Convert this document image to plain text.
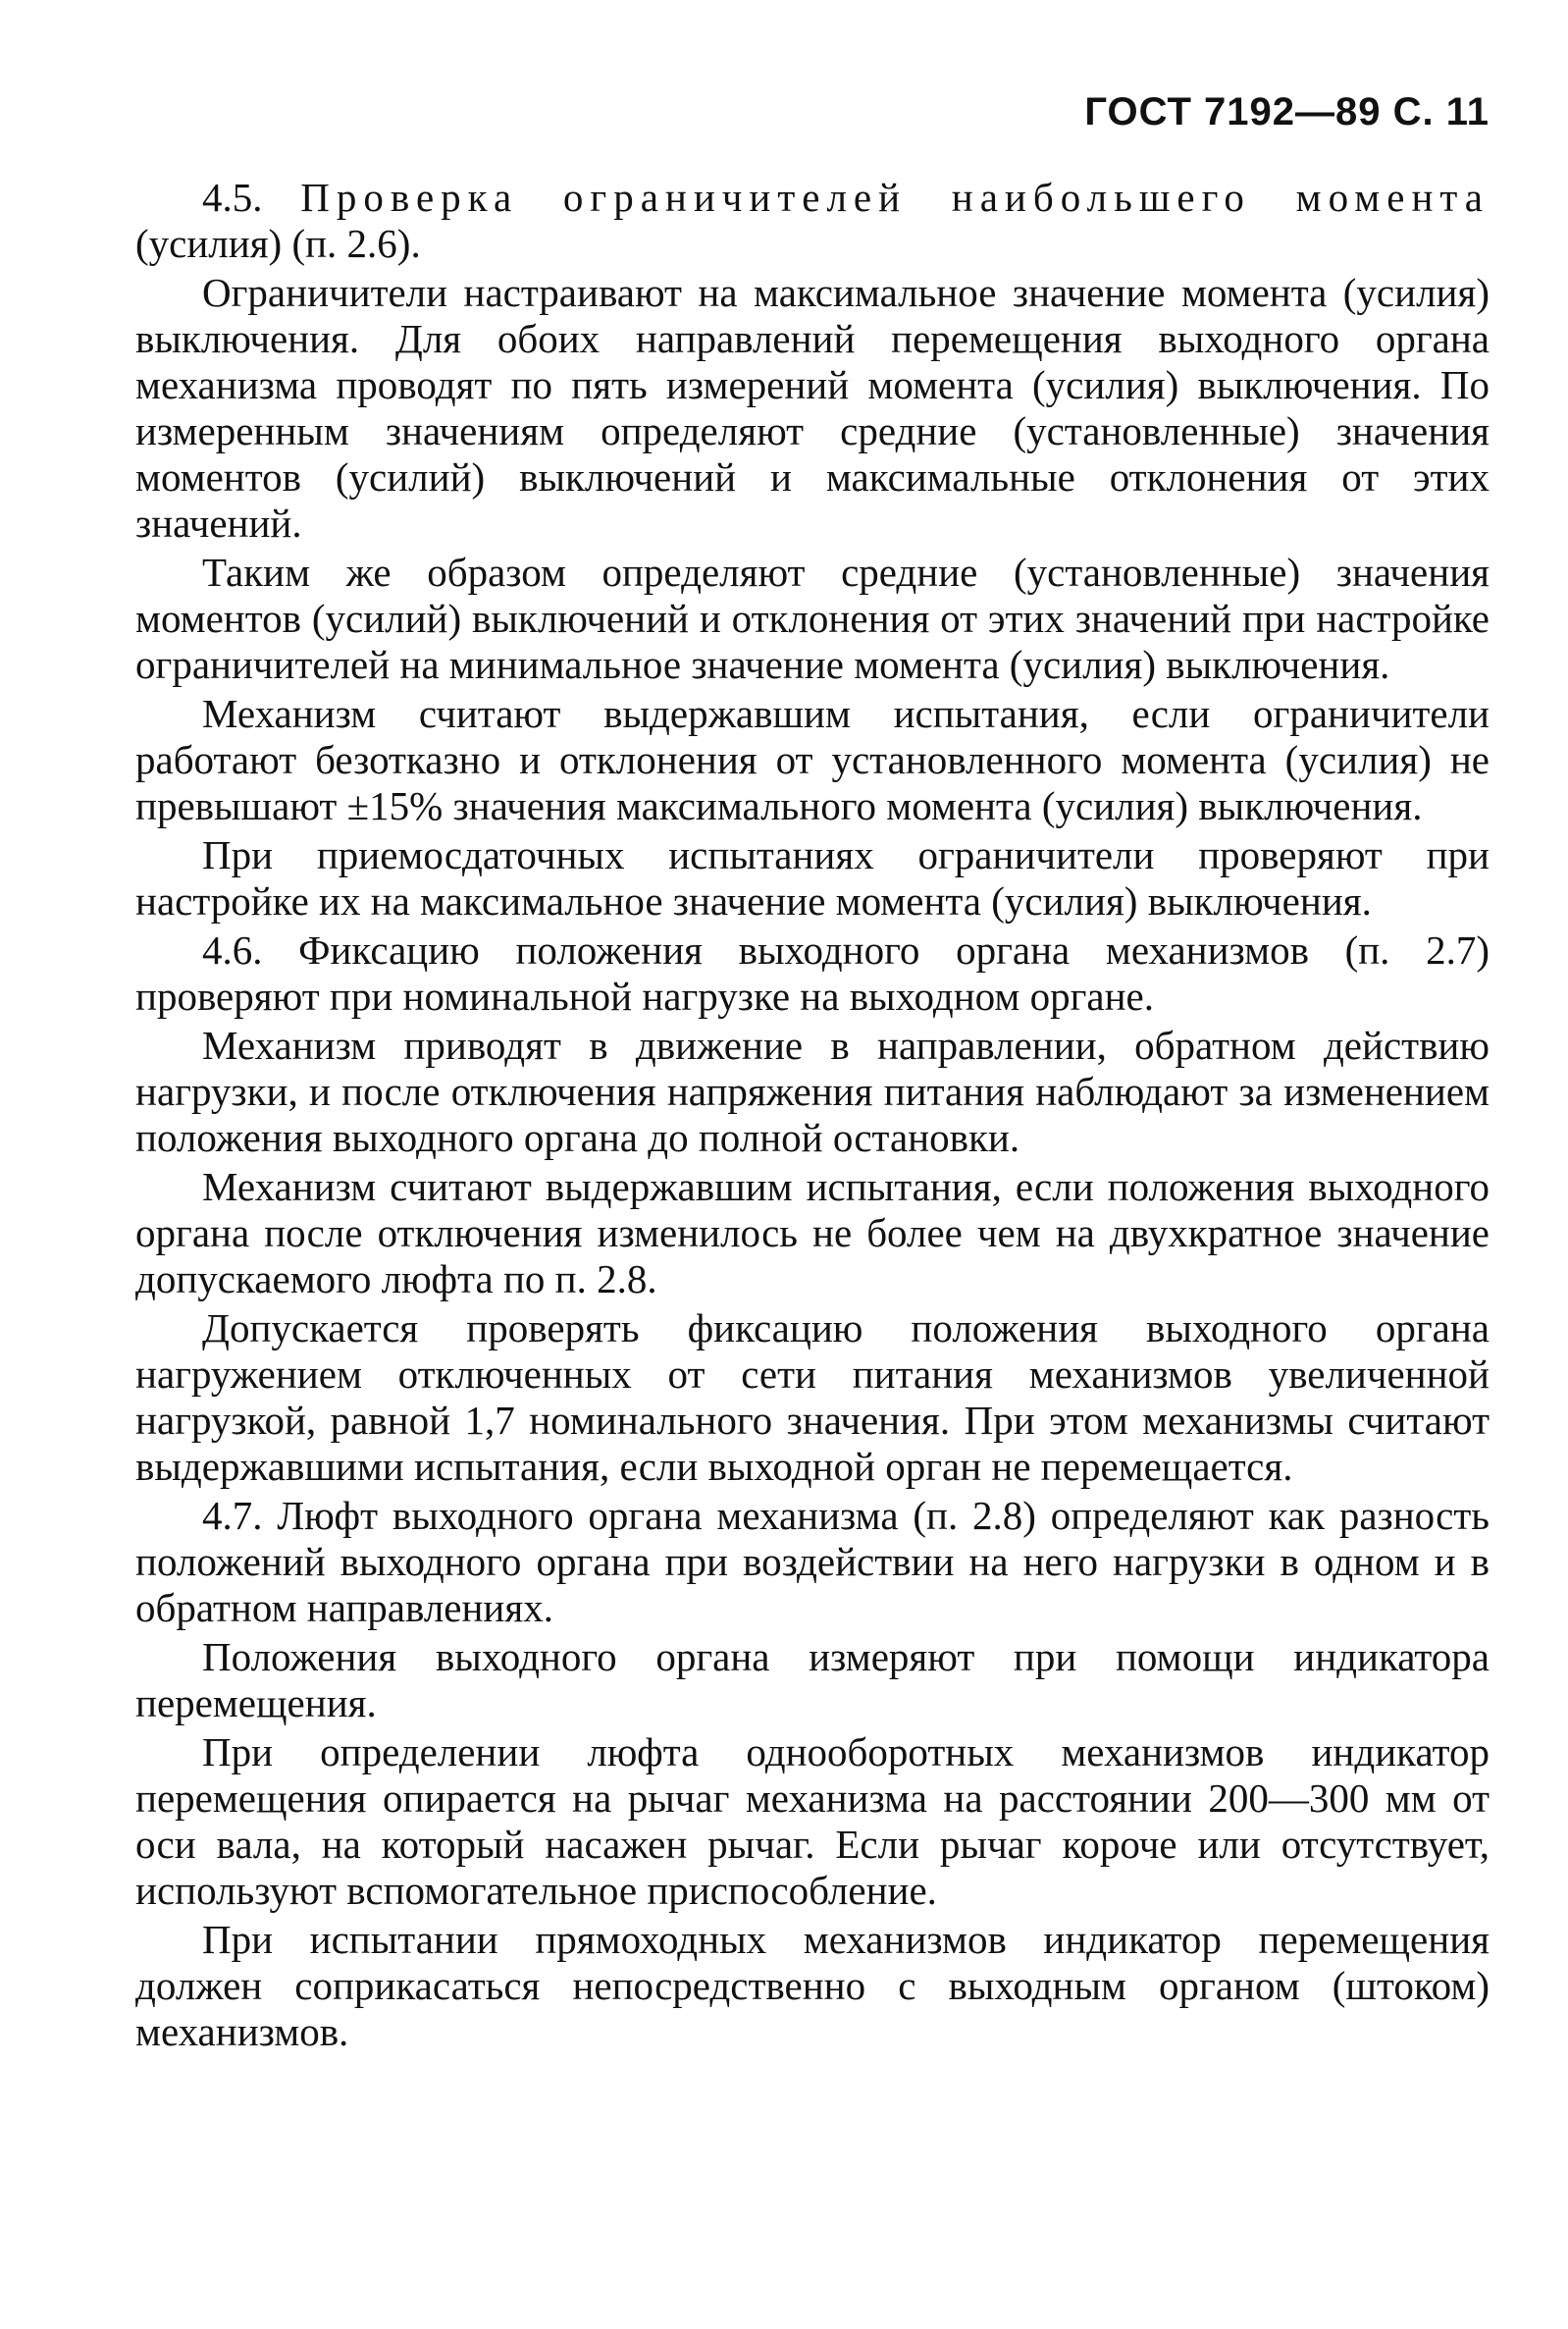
ГОСТ 7192—89 С. 11

4.5. Проверка ограничителей наибольшего момента (усилия) (п. 2.6).

Ограничители настраивают на максимальное значение момента (усилия) выключения. Для обоих направлений перемещения выходного органа механизма проводят по пять измерений момента (усилия) выключения. По измеренным значениям определяют средние (установленные) значения моментов (усилий) выключений и максимальные отклонения от этих значений.

Таким же образом определяют средние (установленные) значения моментов (усилий) выключений и отклонения от этих значений при настройке ограничителей на минимальное значение момента (усилия) выключения.

Механизм считают выдержавшим испытания, если ограничители работают безотказно и отклонения от установленного момента (усилия) не превышают ±15% значения максимального момента (усилия) выключения.

При приемосдаточных испытаниях ограничители проверяют при настройке их на максимальное значение момента (усилия) выключения.

4.6. Фиксацию положения выходного органа механизмов (п. 2.7) проверяют при номинальной нагрузке на выходном органе.

Механизм приводят в движение в направлении, обратном действию нагрузки, и после отключения напряжения питания наблюдают за изменением положения выходного органа до полной остановки.

Механизм считают выдержавшим испытания, если положения выходного органа после отключения изменилось не более чем на двухкратное значение допускаемого люфта по п. 2.8.

Допускается проверять фиксацию положения выходного органа нагружением отключенных от сети питания механизмов увеличенной нагрузкой, равной 1,7 номинального значения. При этом механизмы считают выдержавшими испытания, если выходной орган не перемещается.

4.7. Люфт выходного органа механизма (п. 2.8) определяют как разность положений выходного органа при воздействии на него нагрузки в одном и в обратном направлениях.

Положения выходного органа измеряют при помощи индикатора перемещения.

При определении люфта однооборотных механизмов индикатор перемещения опирается на рычаг механизма на расстоянии 200—300 мм от оси вала, на который насажен рычаг. Если рычаг короче или отсутствует, используют вспомогательное приспособление.

При испытании прямоходных механизмов индикатор перемещения должен соприкасаться непосредственно с выходным органом (штоком) механизмов.
